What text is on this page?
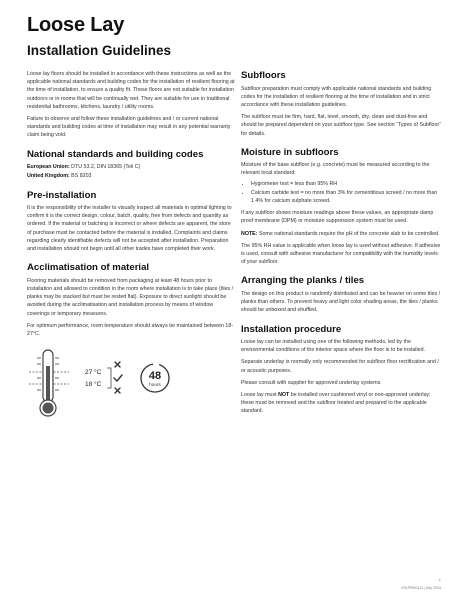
Loose Lay
Installation Guidelines

Loose lay floors should be installed in accordance with these instructions as well as the applicable national standards and building codes for the installation of resilient flooring at the time of installation, to ensure a quality fit. These floors are not suitable for installation outdoors or in rooms that will be continually wet. They are suitable for use in traditional residential bathrooms, kitchens, laundry / utility rooms.

Failure to observe and follow these installation guidelines and / or current national standards and building codes at time of installation may result in any potential warranty claim being void.

National standards and building codes

European Union: DTU 53.2, DIN 18365 (Teil C)

United Kingdom: BS 8203

Pre-installation

It is the responsibility of the installer to visually inspect all materials in optimal lighting to confirm it is the correct design, colour, batch, quality, free from defects and quantity as ordered. If the material or batching is incorrect or where defects are apparent, the store of purchase must be contacted before the material is installed. Complaints and claims regarding clearly identifiable defects will not be accepted after installation. Preparation and installation should not begin until all other trades have completed their work.

Acclimatisation of material

Flooring materials should be removed from packaging at least 48 hours prior to installation and allowed to condition in the room where installation is to take place (tiles / planks may be stacked but must be rested flat). Exposure to direct sunlight should be avoided during the acclimatisation and installation process by means of window coverings or temporary measures.

For optimum performance, room temperature should always be maintained between 18-27°C.

27 °C
18 °C
48
hours
Subfloors

Subfloor preparation must comply with applicable national standards and building codes for the installation of resilient flooring at the time of installation and in strict accordance with these installation guidelines.

The subfloor must be firm, hard, flat, level, smooth, dry, clean and dust-free and should be prepared dependent on your subfloor type. See section “Types of Subfloor” for details.

Moisture in subfloors

Moisture of the base subfloor (e.g. concrete) must be measured according to the relevant local standard:

• Hygrometer test = less than 95% RH
• Calcium carbide test = no more than 3% for cementitious screed / no more than 1.4% for calcium sulphate screed.

If any subfloor shows moisture readings above these values, an appropriate damp proof membrane (DPM) or moisture suppression system must be used.

NOTE: Some national standards require the pH of the concrete slab to be controlled.

The 95% RH value is applicable when loose lay is used without adhesive. If adhesive is used, consult with adhesive manufacturer for compatibility with the humidity levels of your subfloor.

Arranging the planks / tiles

The design on this product is randomly distributed and can be heavier on some tiles / planks than others. To prevent heavy and light color shading areas, the tiles / planks should be unboxed and shuffled.

Installation procedure

Loose lay can be installed using one of the following methods, led by the environmental conditions of the interior space where the floor is to be installed.

Separate underlay is normally only recommended for subfloor floor rectification and / or acoustic purposes.

Please consult with supplier for approved underlay systems.

Loose lay must NOT be installed over cushioned vinyl or non-approved underlay; these must be removed and the subfloor treated and prepared to the applicable standard.

1
K01FRSGLO | July 2024
